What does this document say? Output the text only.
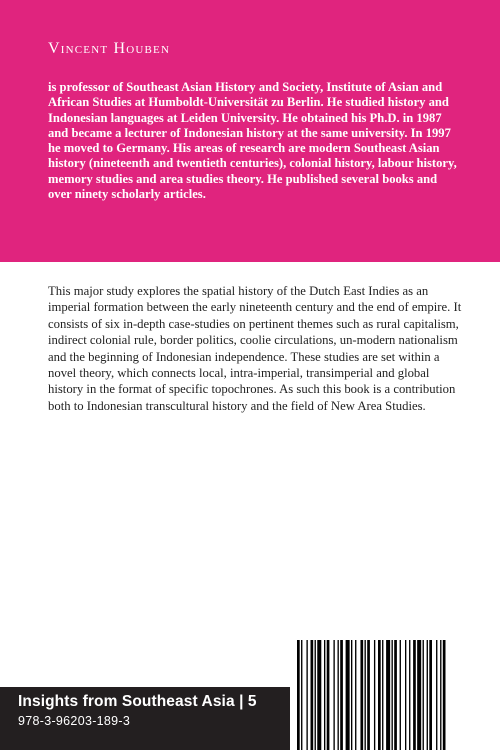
Vincent Houben
is professor of Southeast Asian History and Society, Institute of Asian and African Studies at Humboldt-Universität zu Berlin. He studied history and Indonesian languages at Leiden University. He obtained his Ph.D. in 1987 and became a lecturer of Indonesian history at the same university. In 1997 he moved to Germany. His areas of research are modern Southeast Asian history (nineteenth and twentieth centuries), colonial history, labour history, memory studies and area studies theory. He published several books and over ninety scholarly articles.
This major study explores the spatial history of the Dutch East Indies as an imperial formation between the early nineteenth century and the end of empire. It consists of six in-depth case-studies on pertinent themes such as rural capitalism, indirect colonial rule, border politics, coolie circulations, un-modern nationalism and the beginning of Indonesian independence. These studies are set within a novel theory, which connects local, intra-imperial, transimperial and global history in the format of specific topochrones. As such this book is a contribution both to Indonesian transcultural history and the field of New Area Studies.
Insights from Southeast Asia | 5
978-3-96203-189-3
